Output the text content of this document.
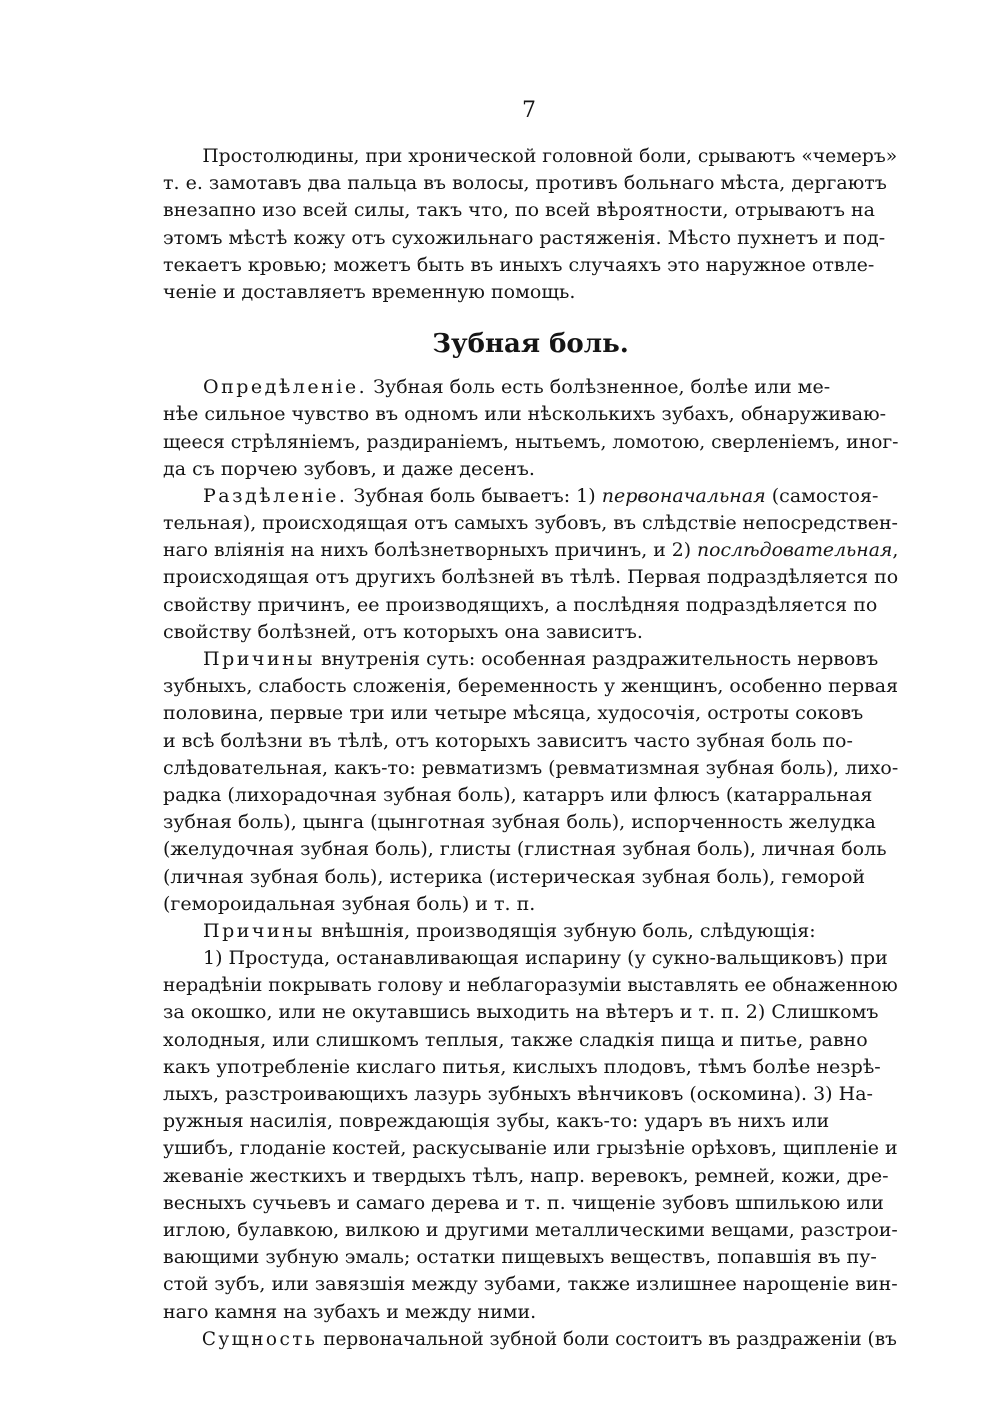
7
Простолюдины, при хронической головной боли, срываютъ «чемеръ»
т. е. замотавъ два пальца въ волосы, противъ больнаго мѣста, дергаютъ
внезапно изо всей силы, такъ что, по всей вѣроятности, отрываютъ на
этомъ мѣстѣ кожу отъ сухожильнаго растяженія. Мѣсто пухнетъ и под-
текаетъ кровью; можетъ быть въ иныхъ случаяхъ это наружное отвле-
ченіе и доставляетъ временную помощь.
Зубная боль.
Опредѣленіе. Зубная боль есть болѣзненное, болѣе или ме-
нѣе сильное чувство въ одномъ или нѣсколькихъ зубахъ, обнаруживаю-
щееся стрѣляніемъ, раздираніемъ, нытьемъ, ломотою, сверленіемъ, иног-
да съ порчею зубовъ, и даже десенъ.
Раздѣленіе. Зубная боль бываетъ: 1) первоначальная (самостоя-
тельная), происходящая отъ самыхъ зубовъ, въ слѣдствіе непосредствен-
наго вліянія на нихъ болѣзнетворныхъ причинъ, и 2) послѣдовательная,
происходящая отъ другихъ болѣзней въ тѣлѣ. Первая подраздѣляется по
свойству причинъ, ее производящихъ, а послѣдняя подраздѣляется по
свойству болѣзней, отъ которыхъ она зависитъ.
Причины внутренія суть: особенная раздражительность нервовъ
зубныхъ, слабость сложенія, беременность у женщинъ, особенно первая
половина, первые три или четыре мѣсяца, худосочія, остроты соковъ
и всѣ болѣзни въ тѣлѣ, отъ которыхъ зависитъ часто зубная боль по-
слѣдовательная, какъ-то: ревматизмъ (ревматизмная зубная боль), лихо-
радка (лихорадочная зубная боль), катарръ или флюсъ (катарральная
зубная боль), цынга (цынготная зубная боль), испорченность желудка
(желудочная зубная боль), глисты (глистная зубная боль), личная боль
(личная зубная боль), истерика (истерическая зубная боль), геморой
(гемороидальная зубная боль) и т. п.
Причины внѣшнія, производящія зубную боль, слѣдующія:
1) Простуда, останавливающая испарину (у сукно-вальщиковъ) при
нерадѣніи покрывать голову и неблагоразуміи выставлять ее обнаженною
за окошко, или не окутавшись выходить на вѣтеръ и т. п. 2) Слишкомъ
холодныя, или слишкомъ теплыя, также сладкія пища и питье, равно
какъ употребленіе кислаго питья, кислыхъ плодовъ, тѣмъ болѣе незрѣ-
лыхъ, разстроивающихъ лазурь зубныхъ вѣнчиковъ (оскомина). 3) На-
ружныя насилія, повреждающія зубы, какъ-то: ударъ въ нихъ или
ушибъ, глоданіе костей, раскусываніе или грызѣніе орѣховъ, щипленіе и
жеваніе жесткихъ и твердыхъ тѣлъ, напр. веревокъ, ремней, кожи, дре-
весныхъ сучьевъ и самаго дерева и т. п. чищеніе зубовъ шпилькою или
иглою, булавкою, вилкою и другими металлическими вещами, разстрои-
вающими зубную эмаль; остатки пищевыхъ веществъ, попавшія въ пу-
стой зубъ, или завязшія между зубами, также излишнее нарощеніе вин-
наго камня на зубахъ и между ними.
Сущность первоначальной зубной боли состоитъ въ раздраженіи (въ
